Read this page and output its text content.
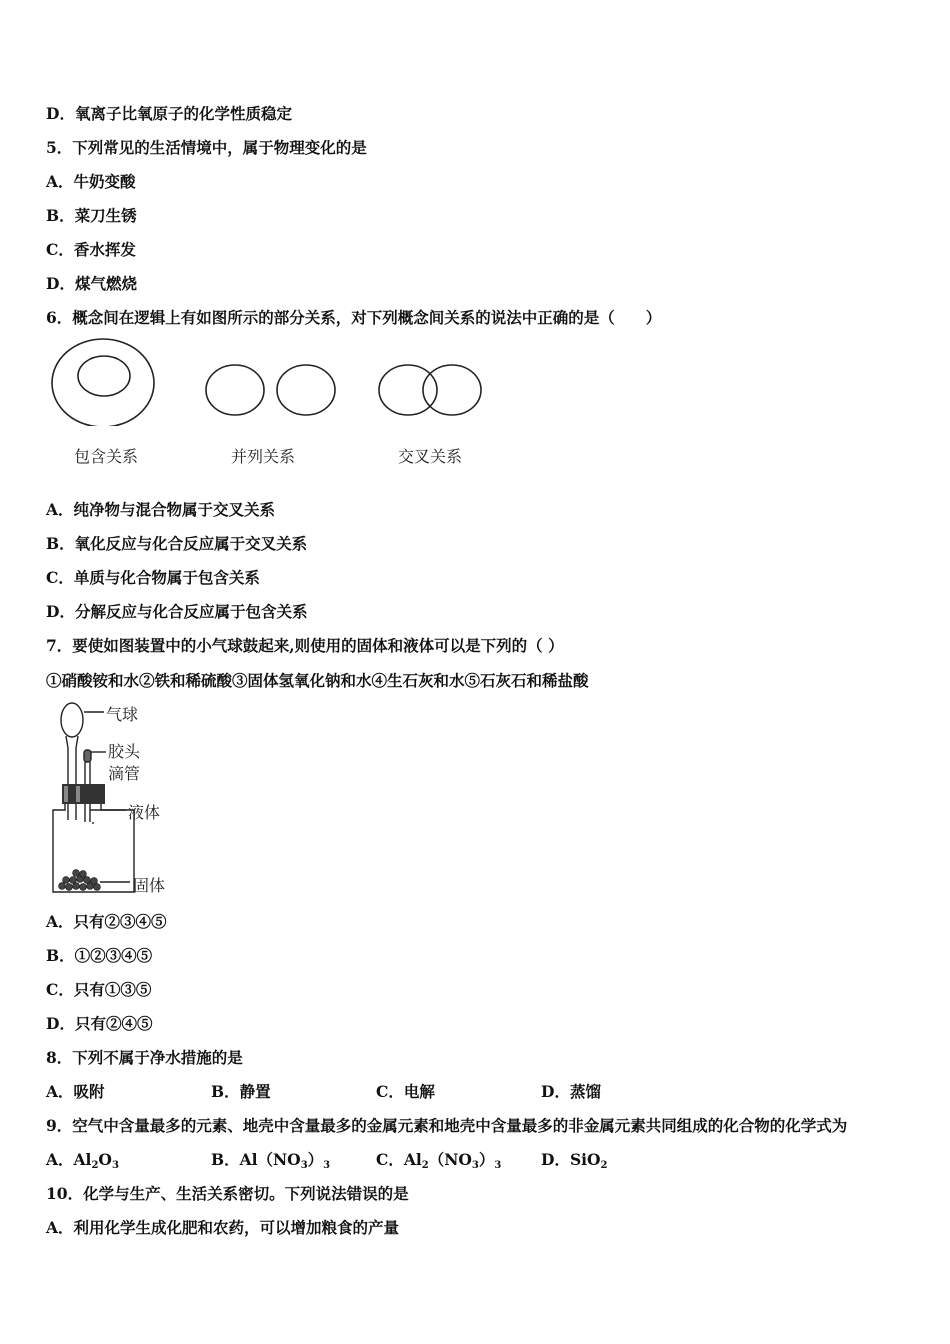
D．氧离子比氧原子的化学性质稳定
5．下列常见的生活情境中，属于物理变化的是
A．牛奶变酸
B．菜刀生锈
C．香水挥发
D．煤气燃烧
6．概念间在逻辑上有如图所示的部分关系，对下列概念间关系的说法中正确的是（　　）
包含关系	并列关系	交叉关系
A．纯净物与混合物属于交叉关系
B．氧化反应与化合反应属于交叉关系
C．单质与化合物属于包含关系
D．分解反应与化合反应属于包含关系
7．要使如图装置中的小气球鼓起来,则使用的固体和液体可以是下列的（ ）
①硝酸铵和水②铁和稀硫酸③固体氢氧化钠和水④生石灰和水⑤石灰石和稀盐酸
气球
胶头
滴管
液体
固体
A．只有②③④⑤
B．①②③④⑤
C．只有①③⑤
D．只有②④⑤
8．下列不属于净水措施的是
A．吸附	B．静置	C．电解	D．蒸馏
9．空气中含量最多的元素、地壳中含量最多的金属元素和地壳中含量最多的非金属元素共同组成的化合物的化学式为
A．$Al_2O_3$	B．$Al(NO_3)_3$	C．$Al_2(NO_3)_3$	D．SiO$_2$
10．化学与生产、生活关系密切。下列说法错误的是
A．利用化学生成化肥和农药，可以增加粮食的产量
